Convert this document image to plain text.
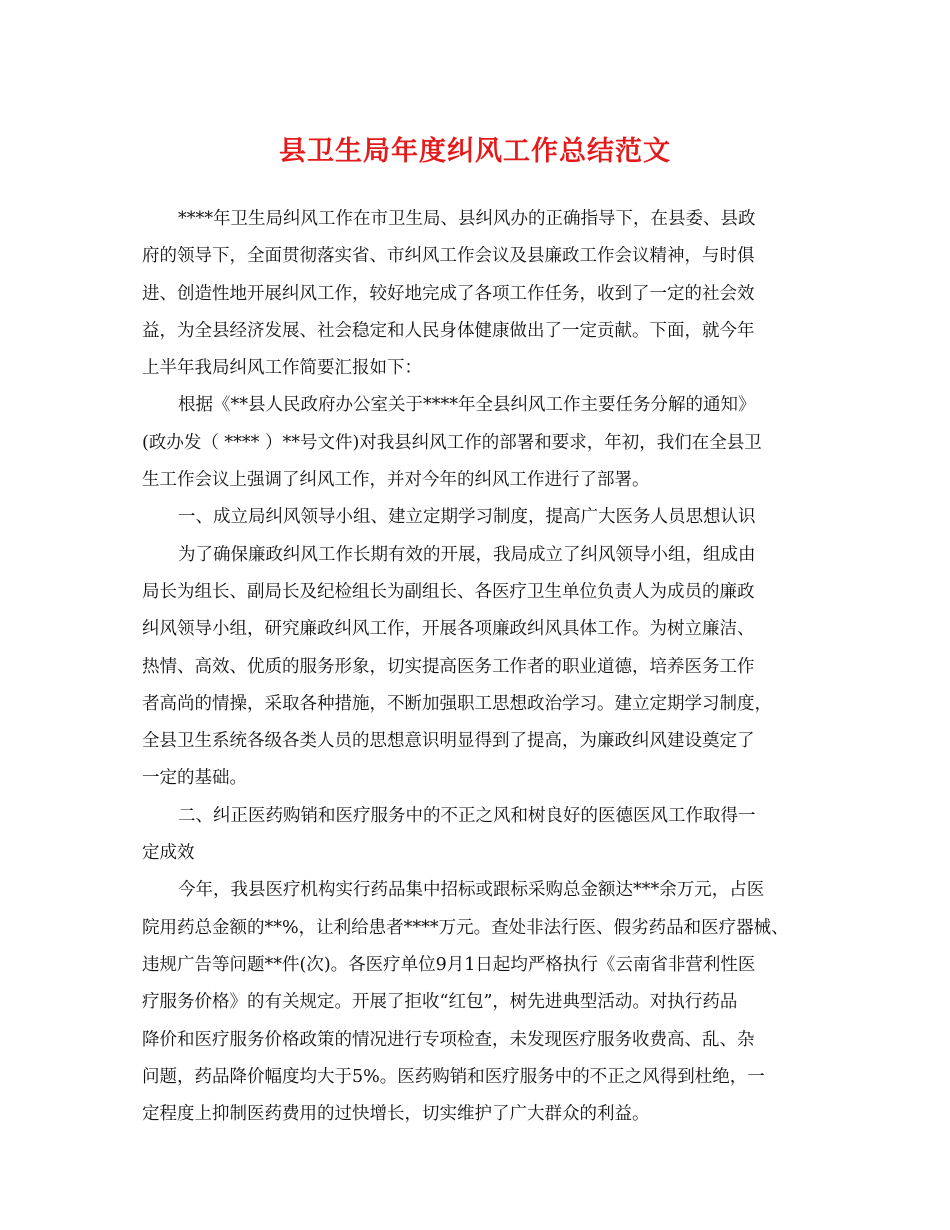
县卫生局年度纠风工作总结范文
****年卫生局纠风工作在市卫生局、县纠风办的正确指导下，在县委、县政
府的领导下，全面贯彻落实省、市纠风工作会议及县廉政工作会议精神，与时俱
进、创造性地开展纠风工作，较好地完成了各项工作任务，收到了一定的社会效
益，为全县经济发展、社会稳定和人民身体健康做出了一定贡献。下面，就今年
上半年我局纠风工作简要汇报如下：
根据《**县人民政府办公室关于****年全县纠风工作主要任务分解的通知》
(政办发（ **** ）**号文件)对我县纠风工作的部署和要求，年初，我们在全县卫
生工作会议上强调了纠风工作，并对今年的纠风工作进行了部署。
一、成立局纠风领导小组、建立定期学习制度，提高广大医务人员思想认识
为了确保廉政纠风工作长期有效的开展，我局成立了纠风领导小组，组成由
局长为组长、副局长及纪检组长为副组长、各医疗卫生单位负责人为成员的廉政
纠风领导小组，研究廉政纠风工作，开展各项廉政纠风具体工作。为树立廉洁、
热情、高效、优质的服务形象，切实提高医务工作者的职业道德，培养医务工作
者高尚的情操，采取各种措施，不断加强职工思想政治学习。建立定期学习制度，
全县卫生系统各级各类人员的思想意识明显得到了提高，为廉政纠风建设奠定了
一定的基础。
二、纠正医药购销和医疗服务中的不正之风和树良好的医德医风工作取得一
定成效
今年，我县医疗机构实行药品集中招标或跟标采购总金额达***余万元，占医
院用药总金额的**%，让利给患者****万元。查处非法行医、假劣药品和医疗器械、
违规广告等问题**件(次)。各医疗单位9月1日起均严格执行《云南省非营利性医
疗服务价格》的有关规定。开展了拒收“红包”，树先进典型活动。对执行药品
降价和医疗服务价格政策的情况进行专项检查，未发现医疗服务收费高、乱、杂
问题，药品降价幅度均大于5%。医药购销和医疗服务中的不正之风得到杜绝，一
定程度上抑制医药费用的过快增长，切实维护了广大群众的利益。
